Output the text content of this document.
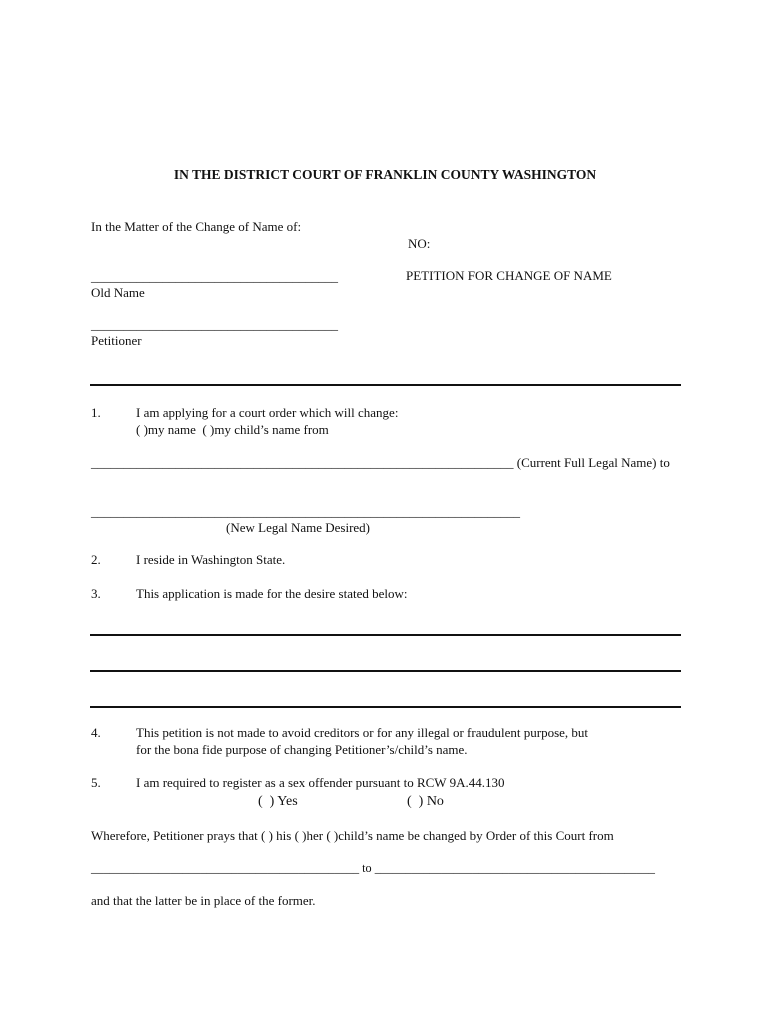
IN THE DISTRICT COURT OF FRANKLIN COUNTY WASHINGTON
In the Matter of the Change of Name of:
NO:
______________________________________	PETITION FOR CHANGE OF NAME
Old Name
______________________________________
Petitioner
1.	I am applying for a court order which will change:
( )my name  ( )my child’s name from
_________________________________________________________________ (Current Full Legal Name) to
__________________________________________________________________
(New Legal Name Desired)
2.	I reside in Washington State.
3.	This application is made for the desire stated below:
4.	This petition is not made to avoid creditors or for any illegal or fraudulent purpose, but
for the bona fide purpose of changing Petitioner’s/child’s name.
5.	I am required to register as a sex offender pursuant to RCW 9A.44.130
(  ) Yes	(  ) No
Wherefore, Petitioner prays that ( ) his ( )her ( )child’s name be changed by Order of this Court from
____________________________________________ to ______________________________________________
and that the latter be in place of the former.
